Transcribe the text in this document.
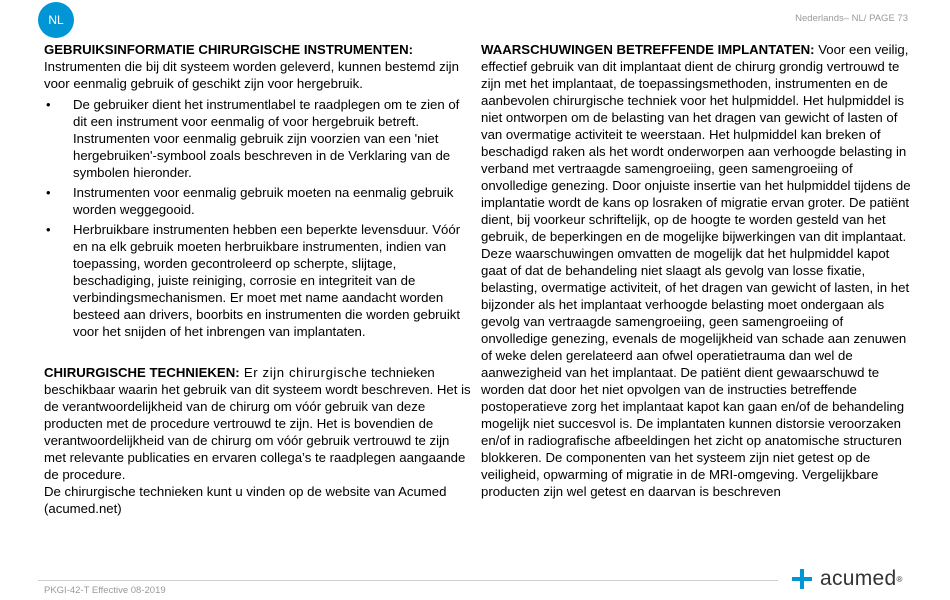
NL	Nederlands– NL/ PAGE 73

GEBRUIKSINFORMATIE CHIRURGISCHE INSTRUMENTEN:
Instrumenten die bij dit systeem worden geleverd, kunnen bestemd zijn voor eenmalig gebruik of geschikt zijn voor hergebruik.

• De gebruiker dient het instrumentlabel te raadplegen om te zien of dit een instrument voor eenmalig of voor hergebruik betreft. Instrumenten voor eenmalig gebruik zijn voorzien van een 'niet hergebruiken'-symbool zoals beschreven in de Verklaring van de symbolen hieronder.
• Instrumenten voor eenmalig gebruik moeten na eenmalig gebruik worden weggegooid.
• Herbruikbare instrumenten hebben een beperkte levensduur. Vóór en na elk gebruik moeten herbruikbare instrumenten, indien van toepassing, worden gecontroleerd op scherpte, slijtage, beschadiging, juiste reiniging, corrosie en integriteit van de verbindingsmechanismen. Er moet met name aandacht worden besteed aan drivers, boorbits en instrumenten die worden gebruikt voor het snijden of het inbrengen van implantaten.

CHIRURGISCHE TECHNIEKEN: Er zijn chirurgische technieken beschikbaar waarin het gebruik van dit systeem wordt beschreven. Het is de verantwoordelijkheid van de chirurg om vóór gebruik van deze producten met de procedure vertrouwd te zijn. Het is bovendien de verantwoordelijkheid van de chirurg om vóór gebruik vertrouwd te zijn met relevante publicaties en ervaren collega’s te raadplegen aangaande de procedure.
De chirurgische technieken kunt u vinden op de website van Acumed (acumed.net)

WAARSCHUWINGEN BETREFFENDE IMPLANTATEN: Voor een veilig, effectief gebruik van dit implantaat dient de chirurg grondig vertrouwd te zijn met het implantaat, de toepassingsmethoden, instrumenten en de aanbevolen chirurgische techniek voor het hulpmiddel. Het hulpmiddel is niet ontworpen om de belasting van het dragen van gewicht of lasten of van overmatige activiteit te weerstaan. Het hulpmiddel kan breken of beschadigd raken als het wordt onderworpen aan verhoogde belasting in verband met vertraagde samengroeiing, geen samengroeiing of onvolledige genezing. Door onjuiste insertie van het hulpmiddel tijdens de implantatie wordt de kans op losraken of migratie ervan groter. De patiënt dient, bij voorkeur schriftelijk, op de hoogte te worden gesteld van het gebruik, de beperkingen en de mogelijke bijwerkingen van dit implantaat. Deze waarschuwingen omvatten de mogelijk dat het hulpmiddel kapot gaat of dat de behandeling niet slaagt als gevolg van losse fixatie, belasting, overmatige activiteit, of het dragen van gewicht of lasten, in het bijzonder als het implantaat verhoogde belasting moet ondergaan als gevolg van vertraagde samengroeiing, geen samengroeiing of onvolledige genezing, evenals de mogelijkheid van schade aan zenuwen of weke delen gerelateerd aan ofwel operatietrauma dan wel de aanwezigheid van het implantaat. De patiënt dient gewaarschuwd te worden dat door het niet opvolgen van de instructies betreffende postoperatieve zorg het implantaat kapot kan gaan en/of de behandeling mogelijk niet succesvol is. De implantaten kunnen distorsie veroorzaken en/of in radiografische afbeeldingen het zicht op anatomische structuren blokkeren. De componenten van het systeem zijn niet getest op de veiligheid, opwarming of migratie in de MRI-omgeving. Vergelijkbare producten zijn wel getest en daarvan is beschreven

PKGI-42-T Effective 08-2019
acumed ®
